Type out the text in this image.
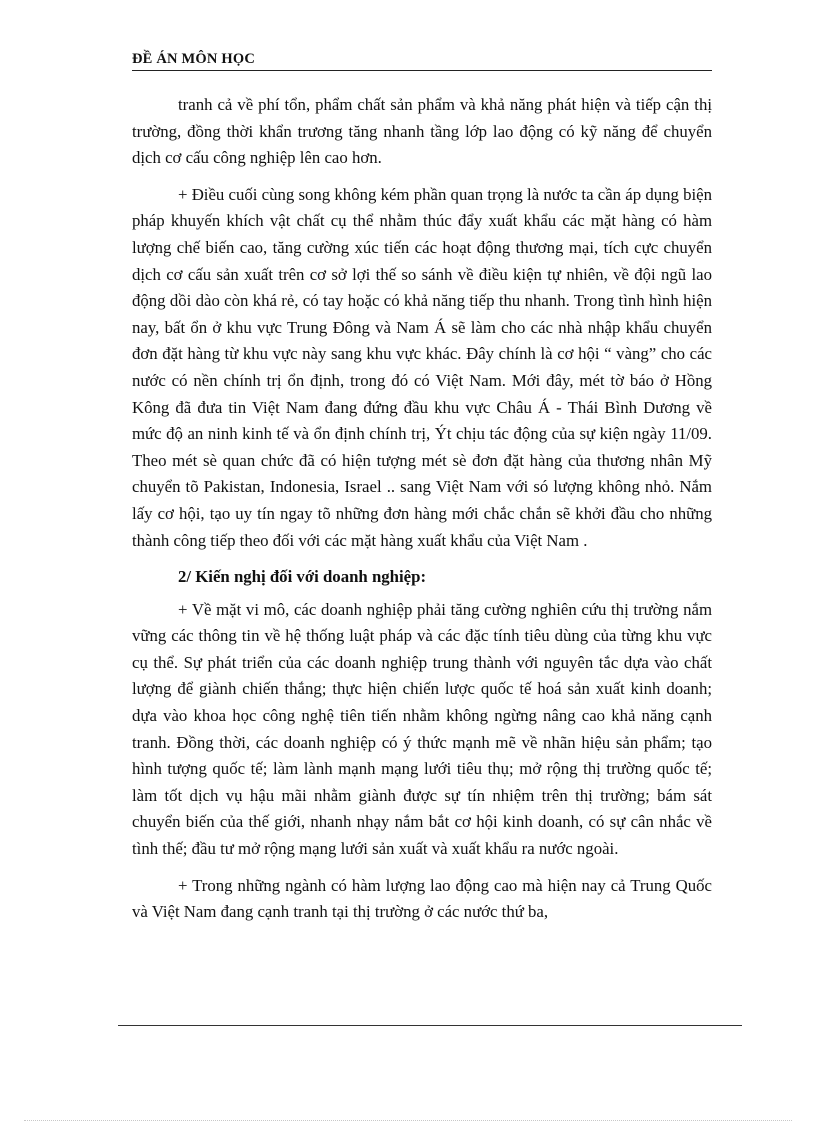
ĐỀ ÁN MÔN HỌC

tranh cả về phí tổn, phẩm chất sản phẩm và khả năng phát hiện và tiếp cận thị trường, đồng thời khẩn trương tăng nhanh tầng lớp lao động có kỹ năng để chuyển dịch cơ cấu công nghiệp lên cao hơn.

+ Điều cuối cùng song không kém phần quan trọng là nước ta cần áp dụng biện pháp khuyến khích vật chất cụ thể nhằm thúc đẩy xuất khẩu các mặt hàng có hàm lượng chế biến cao, tăng cường xúc tiến các hoạt động thương mại, tích cực chuyển dịch cơ cấu sản xuất trên cơ sở lợi thế so sánh về điều kiện tự nhiên, về đội ngũ lao động dồi dào còn khá rẻ, có tay hoặc có khả năng tiếp thu nhanh. Trong tình hình hiện nay, bất ổn ở khu vực Trung Đông và Nam Á sẽ làm cho các nhà nhập khẩu chuyển đơn đặt hàng từ khu vực này sang khu vực khác. Đây chính là cơ hội “ vàng” cho các nước có nền chính trị ổn định, trong đó có Việt Nam. Mới đây, mét tờ báo ở Hồng Kông đã đưa tin Việt Nam đang đứng đầu khu vực Châu Á - Thái Bình Dương về mức độ an ninh kinh tế và ổn định chính trị, Ýt chịu tác động của sự kiện ngày 11/09. Theo mét sè quan chức đã có hiện tượng mét sè đơn đặt hàng của thương nhân Mỹ chuyển tõ Pakistan, Indonesia, Israel .. sang Việt Nam với só lượng không nhỏ. Nắm lấy cơ hội, tạo uy tín ngay tõ những đơn hàng mới chắc chắn sẽ khởi đầu cho những thành công tiếp theo đối với các mặt hàng xuất khẩu của Việt Nam .

2/ Kiến nghị đối với doanh nghiệp:

+ Về mặt vi mô, các doanh nghiệp phải tăng cường nghiên cứu thị trường nắm vững các thông tin về hệ thống luật pháp và các đặc tính tiêu dùng của từng khu vực cụ thể. Sự phát triển của các doanh nghiệp trung thành với nguyên tắc dựa vào chất lượng để giành chiến thắng; thực hiện chiến lược quốc tế hoá sản xuất kinh doanh; dựa vào khoa học công nghệ tiên tiến nhằm không ngừng nâng cao khả năng cạnh tranh. Đồng thời, các doanh nghiệp có ý thức mạnh mẽ về nhãn hiệu sản phẩm; tạo hình tượng quốc tế; làm lành mạnh mạng lưới tiêu thụ; mở rộng thị trường quốc tế; làm tốt dịch vụ hậu mãi nhằm giành được sự tín nhiệm trên thị trường; bám sát chuyển biến của thế giới, nhanh nhạy nắm bắt cơ hội kinh doanh, có sự cân nhắc về tình thế; đầu tư mở rộng mạng lưới sản xuất và xuất khẩu ra nước ngoài.

+ Trong những ngành có hàm lượng lao động cao mà hiện nay cả Trung Quốc và Việt Nam đang cạnh tranh tại thị trường ở các nước thứ ba,
